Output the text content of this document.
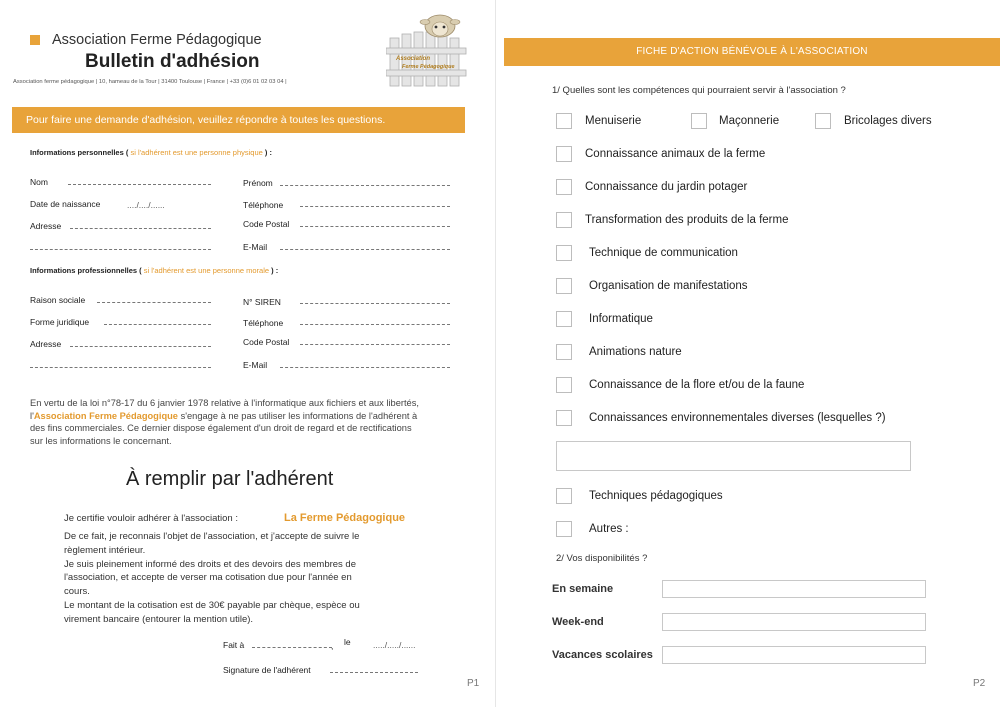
Association Ferme Pédagogique
Bulletin d'adhésion
Association ferme pédagogique | 10, hameau de la Tour | 31400 Toulouse | France | +33 (0)6 01 02 03 04 |
Association
Ferme Pédagogique
Pour faire une demande d'adhésion, veuillez répondre à toutes les questions.
Informations personnelles ( si l'adhérent est une personne physique ) :
Nom	Prénom
Date de naissance	..../..../......	Téléphone
Adresse	Code Postal
E-Mail
Informations professionnelles ( si l'adhérent est une personne morale ) :
Raison sociale	N° SIREN
Forme juridique	Téléphone
Adresse	Code Postal
E-Mail
En vertu de la loi n°78-17 du 6 janvier 1978 relative à l'informatique aux fichiers et aux libertés,
l'Association Ferme Pédagogique s'engage à ne pas utiliser les informations de l'adhérent à
des fins commerciales. Ce dernier dispose également d'un droit de regard et de rectifications
sur les informations le concernant.
À remplir par l'adhérent
Je certifie vouloir adhérer à l'association :	La Ferme Pédagogique
De ce fait, je reconnais l'objet de l'association, et j'accepte de suivre le
règlement intérieur.
Je suis pleinement informé des droits et des devoirs des membres de
l'association, et accepte de verser ma cotisation due pour l'année en
cours.
Le montant de la cotisation est de 30€ payable par chèque, espèce ou
virement bancaire (entourer la mention utile).
Fait à	, le	...../...../......
Signature de l'adhérent
P1
FICHE D'ACTION BÉNÉVOLE À L'ASSOCIATION
1/ Quelles sont les compétences qui pourraient servir à l'association ?
Menuiserie	Maçonnerie	Bricolages divers
Connaissance animaux de la ferme
Connaissance du jardin potager
Transformation des produits de la ferme
Technique de communication
Organisation de manifestations
Informatique
Animations nature
Connaissance de la flore et/ou de la faune
Connaissances environnementales diverses (lesquelles ?)
Techniques pédagogiques
Autres :
2/ Vos disponibilités ?
En semaine
Week-end
Vacances scolaires
P2
